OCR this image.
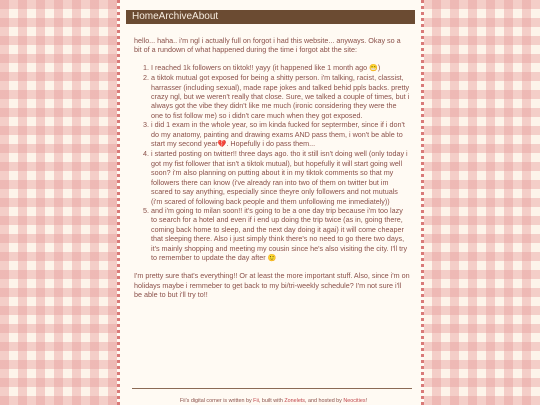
HomeArchiveAbout

hello... haha.. i'm ngl i actually full on forgot i had this website... anyways. Okay so a bit of a rundown of what happened during the time i forgot abt the site:

1. I reached 1k followers on tiktok!! yayy (it happened like 1 month ago 😁)
2. a tiktok mutual got exposed for being a shitty person. i'm talking, racist, classist, harrasser (including sexual), made rape jokes and talked behid ppls backs. pretty crazy ngl, but we weren't really that close. Sure, we talked a couple of times, but i always got the vibe they didn't like me much (ironic considering they were the one to fist follow me) so i didn't care much when they got exposed.
3. i did 1 exam in the whole year, so im kinda fucked for septermber, since if i don't do my anatomy, painting and drawing exams AND pass them, i won't be able to start my second year💔. Hopefully i do pass them...
4. i started posting on twitter!! three days ago. tho it still isn't doing well (only today i got my fist follower that isn't a tiktok mutual), but hopefully it will start going well soon? i'm also planning on putting about it in my tiktok comments so that my followers there can know (i've already ran into two of them on twitter but im scared to say anything, especially since theyre only followers and not mutuals (i'm scared of following back people and them unfollowing me inmediately))
5. and i'm going to milan soon!! it's going to be a one day trip because i'm too lazy to search for a hotel and even if i end up doing the trip twice (as in, going there, coming back home to sleep, and the next day doing it agai) it will come cheaper that sleeping there. Also i just simply think there's no need to go there two days, it's mainly shopping and meeting my cousin since he's also visiting the city. I'll try to remember to update the day after 🙂

I'm pretty sure that's everything!! Or at least the more important stuff. Also, since i'm on holidays maybe i remmeber to get back to my bi/tri-weekly schedule? I'm not sure i'll be able to but i'll try to!!

Fii's digital corner is written by Fii, built with Zonelets, and hosted by Neocities!
